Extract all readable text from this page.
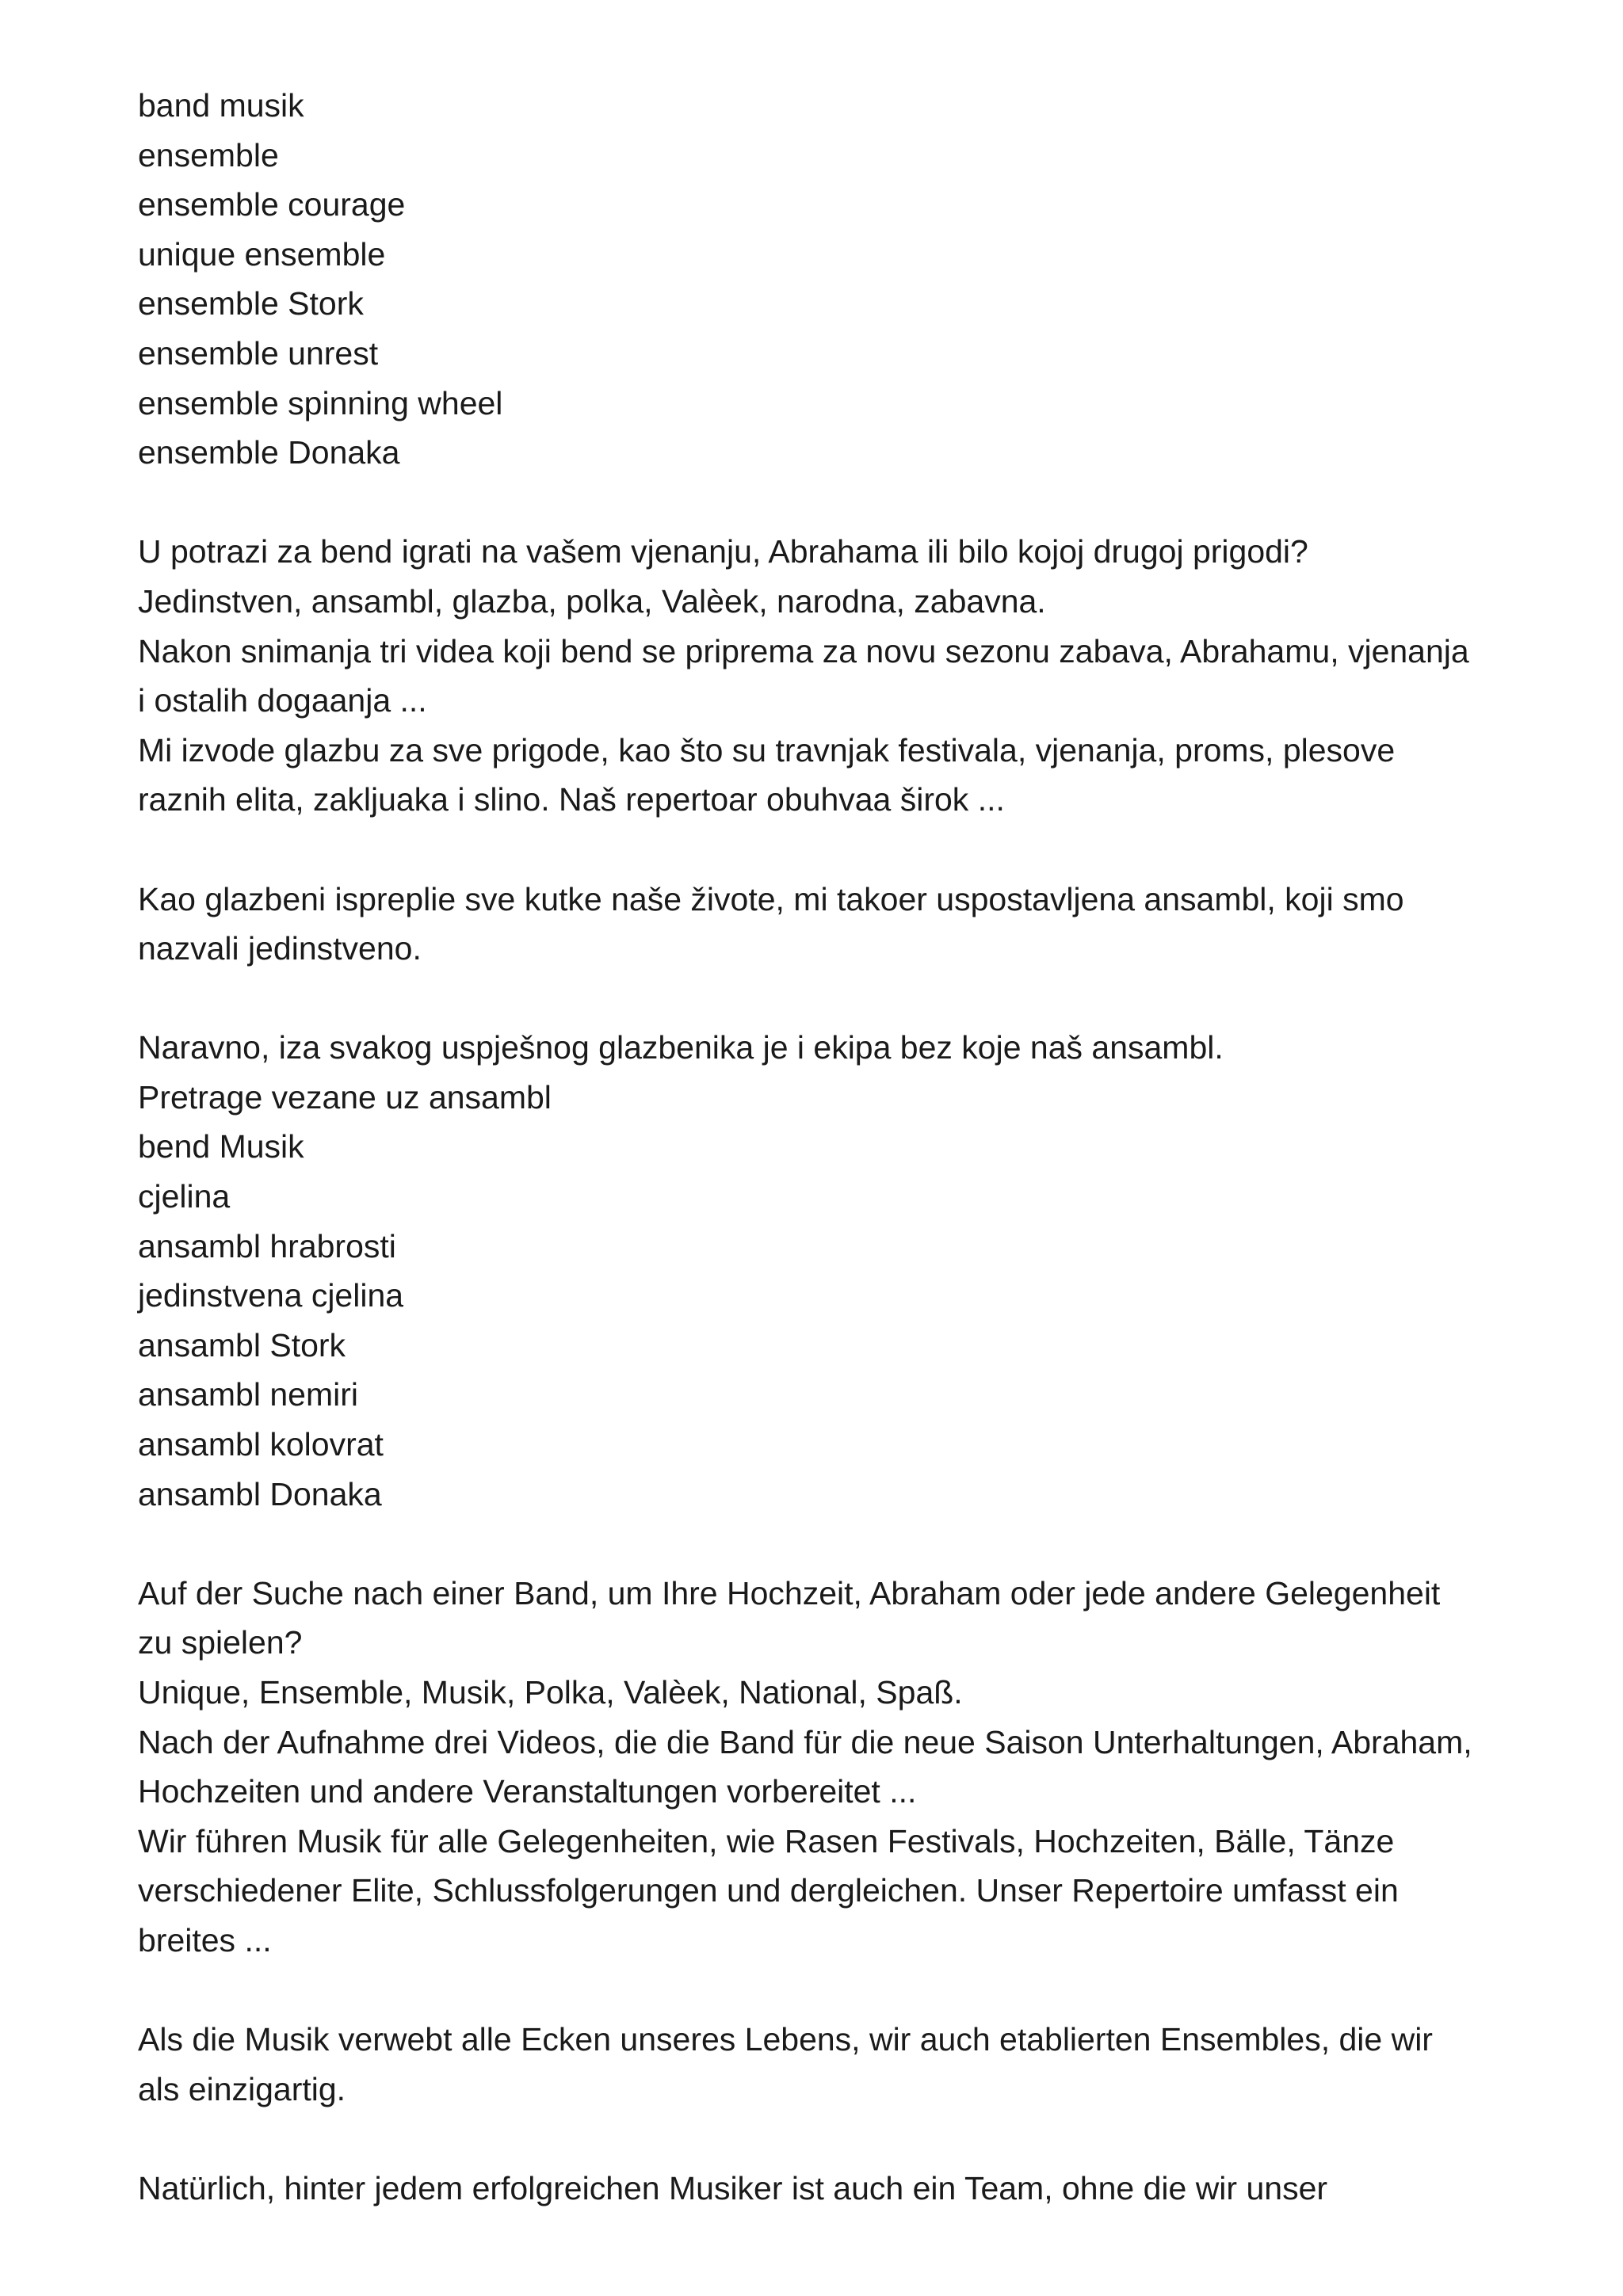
band musik
ensemble
ensemble courage
unique ensemble
ensemble Stork
ensemble unrest
ensemble spinning wheel
ensemble Donaka
U potrazi za bend igrati na vašem vjenanju, Abrahama ili bilo kojoj drugoj prigodi?
Jedinstven, ansambl, glazba, polka, Valèek, narodna, zabavna.
Nakon snimanja tri videa koji bend se priprema za novu sezonu zabava, Abrahamu, vjenanja
i ostalih dogaanja ...
Mi izvode glazbu za sve prigode, kao što su travnjak festivala, vjenanja, proms, plesove
raznih elita, zakljuaka i slino. Naš repertoar obuhvaa širok ...
Kao glazbeni ispreplie sve kutke naše živote, mi takoer uspostavljena ansambl, koji smo
nazvali jedinstveno.
Naravno, iza svakog uspješnog glazbenika je i ekipa bez koje naš ansambl.
Pretrage vezane uz ansambl
bend Musik
cjelina
ansambl hrabrosti
jedinstvena cjelina
ansambl Stork
ansambl nemiri
ansambl kolovrat
ansambl Donaka
Auf der Suche nach einer Band, um Ihre Hochzeit, Abraham oder jede andere Gelegenheit
zu spielen?
Unique, Ensemble, Musik, Polka, Valèek, National, Spaß.
Nach der Aufnahme drei Videos, die die Band für die neue Saison Unterhaltungen, Abraham,
Hochzeiten und andere Veranstaltungen vorbereitet ...
Wir führen Musik für alle Gelegenheiten, wie Rasen Festivals, Hochzeiten, Bälle, Tänze
verschiedener Elite, Schlussfolgerungen und dergleichen. Unser Repertoire umfasst ein
breites ...
Als die Musik verwebt alle Ecken unseres Lebens, wir auch etablierten Ensembles, die wir
als einzigartig.
Natürlich, hinter jedem erfolgreichen Musiker ist auch ein Team, ohne die wir unser
